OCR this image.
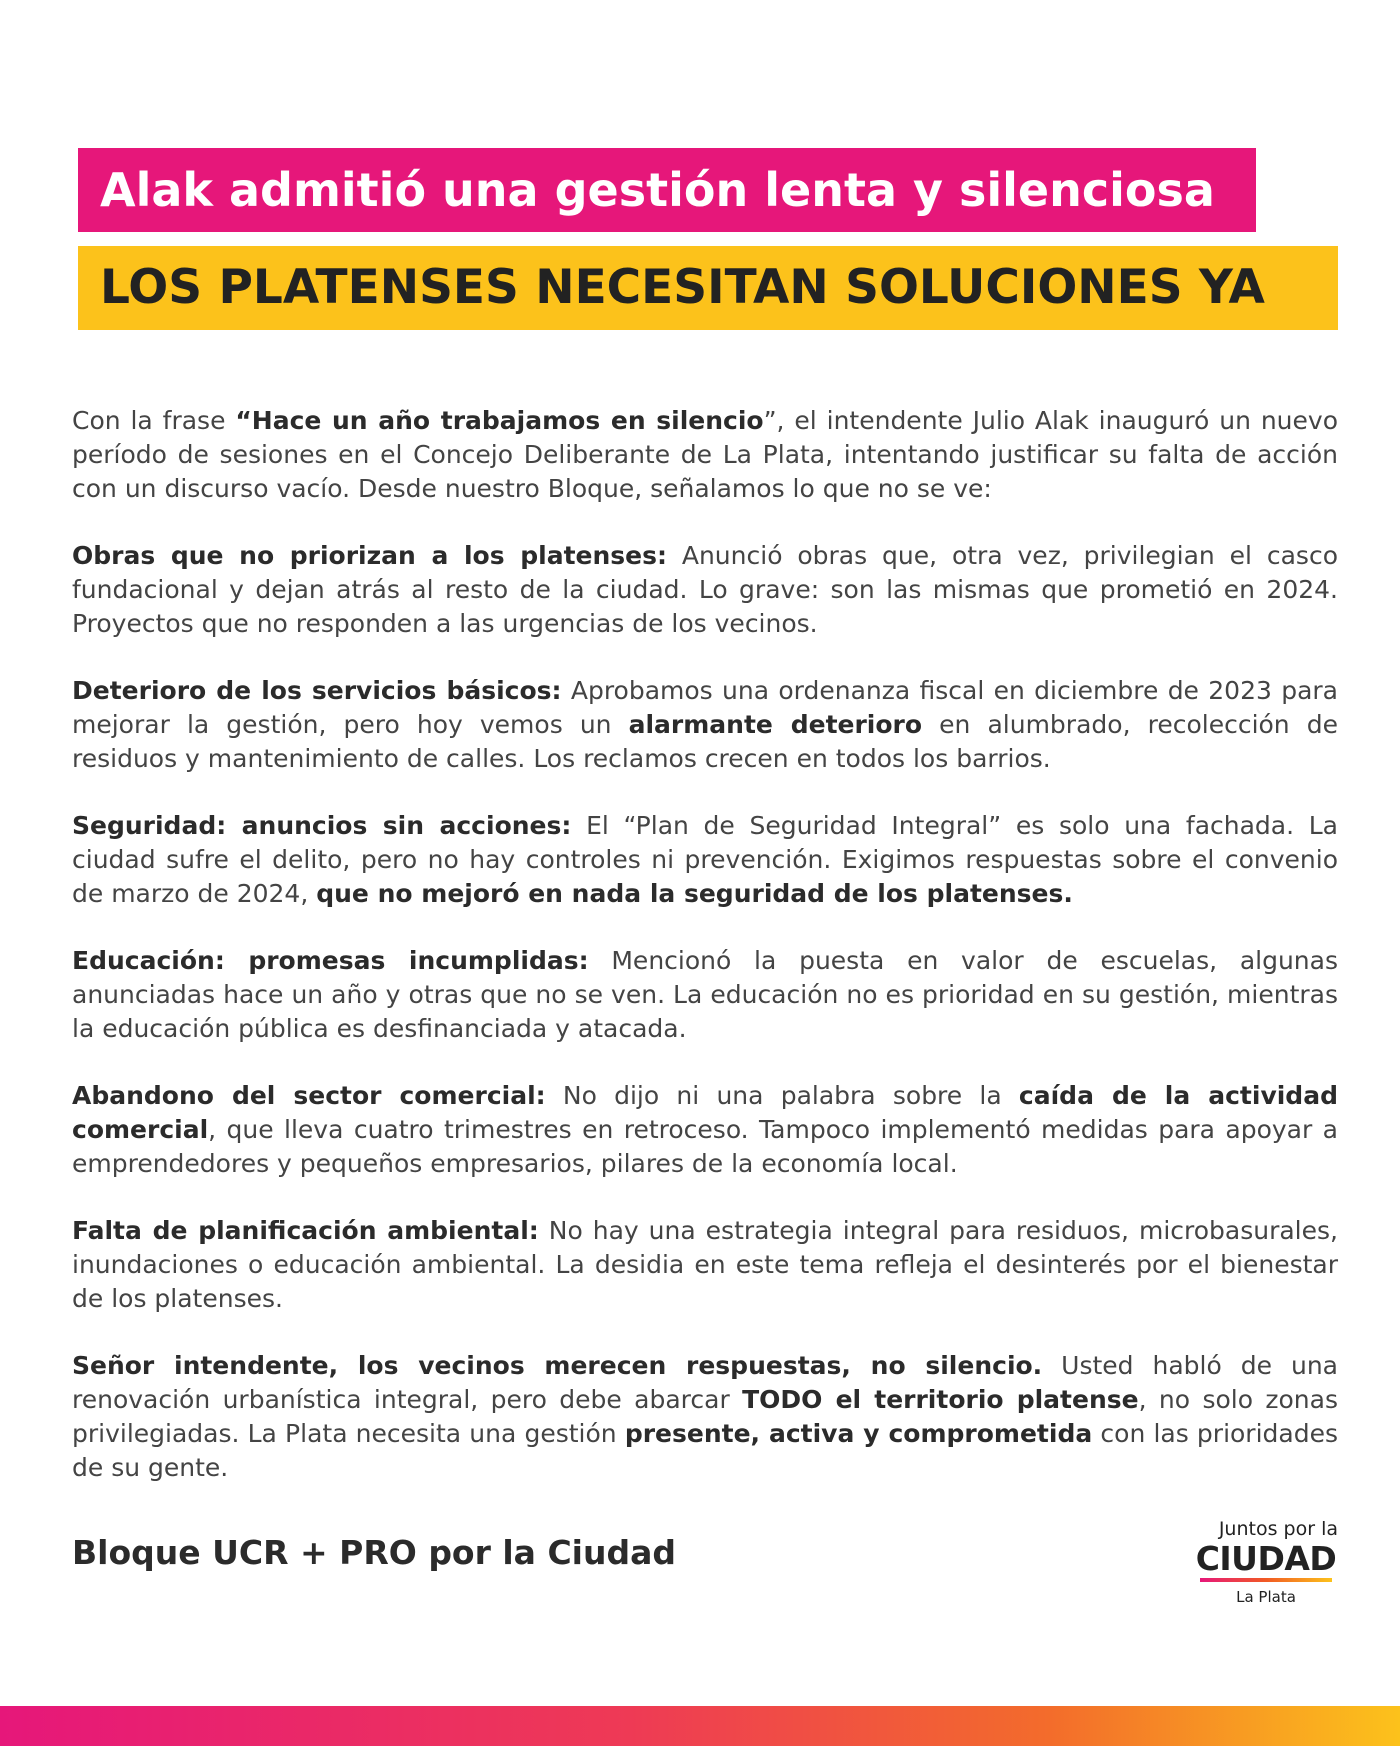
Alak admitió una gestión lenta y silenciosa
LOS PLATENSES NECESITAN SOLUCIONES YA

Con la frase “Hace un año trabajamos en silencio”, el intendente Julio Alak inauguró un nuevo período de sesiones en el Concejo Deliberante de La Plata, intentando justificar su falta de acción con un discurso vacío. Desde nuestro Bloque, señalamos lo que no se ve:

Obras que no priorizan a los platenses: Anunció obras que, otra vez, privilegian el casco fundacional y dejan atrás al resto de la ciudad. Lo grave: son las mismas que prometió en 2024. Proyectos que no responden a las urgencias de los vecinos.

Deterioro de los servicios básicos: Aprobamos una ordenanza fiscal en diciembre de 2023 para mejorar la gestión, pero hoy vemos un alarmante deterioro en alumbrado, recolección de residuos y mantenimiento de calles. Los reclamos crecen en todos los barrios.

Seguridad: anuncios sin acciones: El “Plan de Seguridad Integral” es solo una fachada. La ciudad sufre el delito, pero no hay controles ni prevención. Exigimos respuestas sobre el convenio de marzo de 2024, que no mejoró en nada la seguridad de los platenses.

Educación: promesas incumplidas: Mencionó la puesta en valor de escuelas, algunas anunciadas hace un año y otras que no se ven. La educación no es prioridad en su gestión, mientras la educación pública es desfinanciada y atacada.

Abandono del sector comercial: No dijo ni una palabra sobre la caída de la actividad comercial, que lleva cuatro trimestres en retroceso. Tampoco implementó medidas para apoyar a emprendedores y pequeños empresarios, pilares de la economía local.

Falta de planificación ambiental: No hay una estrategia integral para residuos, microbasurales, inundaciones o educación ambiental. La desidia en este tema refleja el desinterés por el bienestar de los platenses.

Señor intendente, los vecinos merecen respuestas, no silencio. Usted habló de una renovación urbanística integral, pero debe abarcar TODO el territorio platense, no solo zonas privilegiadas. La Plata necesita una gestión presente, activa y comprometida con las prioridades de su gente.

Bloque UCR + PRO por la Ciudad
Juntos por la
CIUDAD
La Plata
